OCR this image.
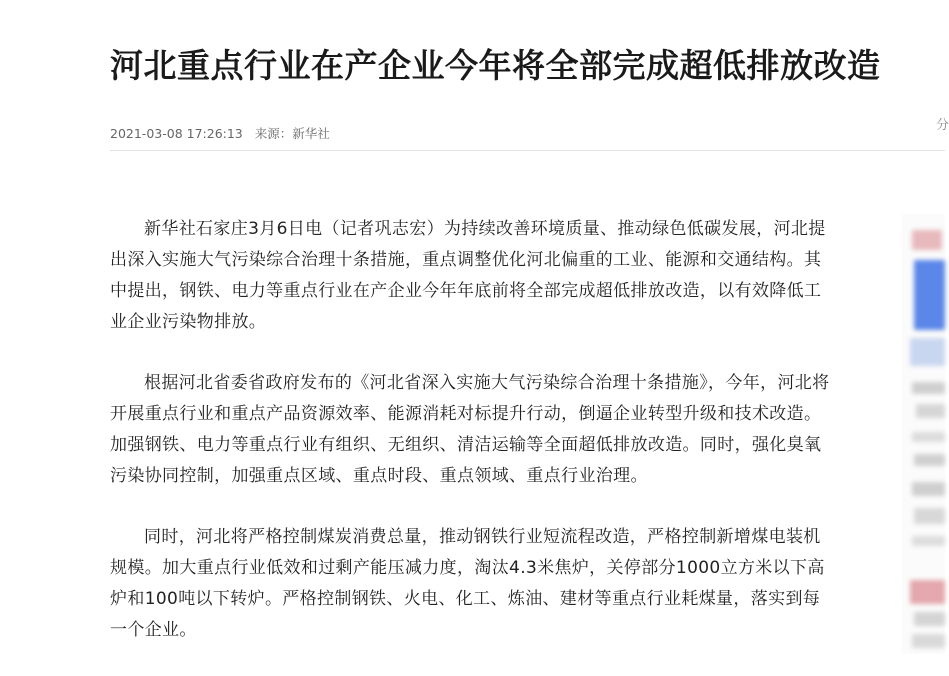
河北重点行业在产企业今年将全部完成超低排放改造
2021-03-08 17:26:13 来源：新华社
分

新华社石家庄3月6日电（记者巩志宏）为持续改善环境质量、推动绿色低碳发展，河北提出深入实施大气污染综合治理十条措施，重点调整优化河北偏重的工业、能源和交通结构。其中提出，钢铁、电力等重点行业在产企业今年年底前将全部完成超低排放改造，以有效降低工业企业污染物排放。

根据河北省委省政府发布的《河北省深入实施大气污染综合治理十条措施》，今年，河北将开展重点行业和重点产品资源效率、能源消耗对标提升行动，倒逼企业转型升级和技术改造。加强钢铁、电力等重点行业有组织、无组织、清洁运输等全面超低排放改造。同时，强化臭氧污染协同控制，加强重点区域、重点时段、重点领域、重点行业治理。

同时，河北将严格控制煤炭消费总量，推动钢铁行业短流程改造，严格控制新增煤电装机规模。加大重点行业低效和过剩产能压减力度，淘汰4.3米焦炉，关停部分1000立方米以下高炉和100吨以下转炉。严格控制钢铁、火电、化工、炼油、建材等重点行业耗煤量，落实到每一个企业。
